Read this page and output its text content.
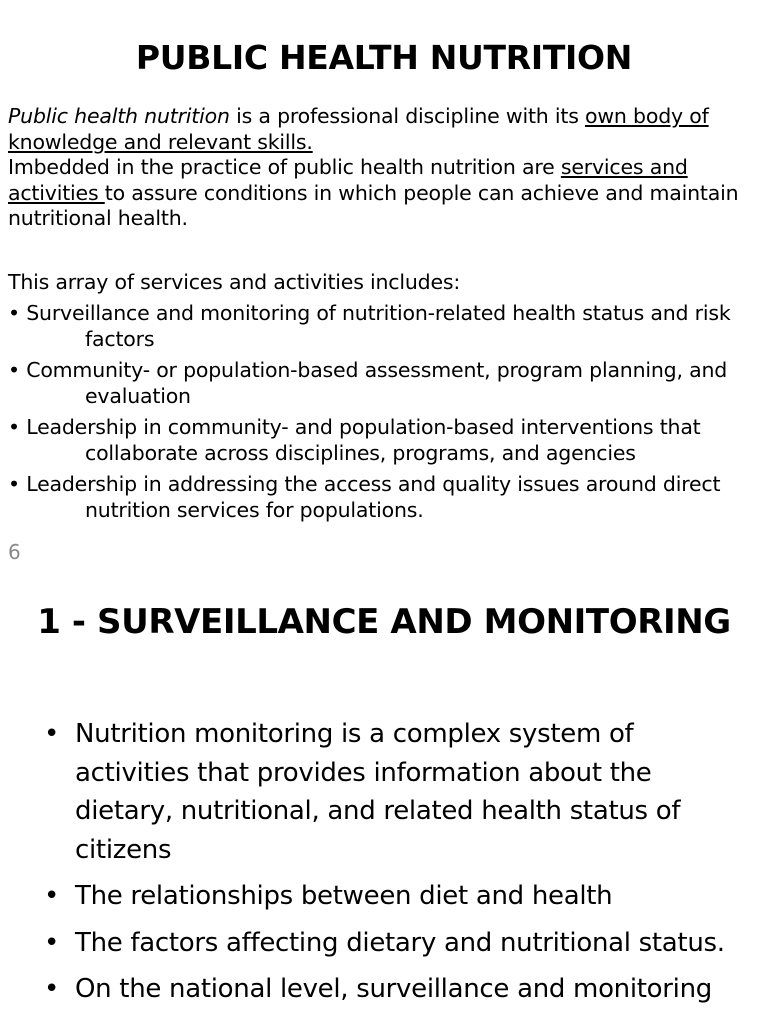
PUBLIC HEALTH NUTRITION

Public health nutrition is a professional discipline with its own body of knowledge and relevant skills.

Imbedded in the practice of public health nutrition are services and activities to assure conditions in which people can achieve and maintain nutritional health.

This array of services and activities includes:

• Surveillance and monitoring of nutrition-related health status and risk factors

• Community- or population-based assessment, program planning, and evaluation

• Leadership in community- and population-based interventions that collaborate across disciplines, programs, and agencies

• Leadership in addressing the access and quality issues around direct nutrition services for populations.

6
1 - SURVEILLANCE AND MONITORING
• Nutrition monitoring is a complex system of activities that provides information about the dietary, nutritional, and related health status of citizens
• The relationships between diet and health
• The factors affecting dietary and nutritional status.
• On the national level, surveillance and monitoring
